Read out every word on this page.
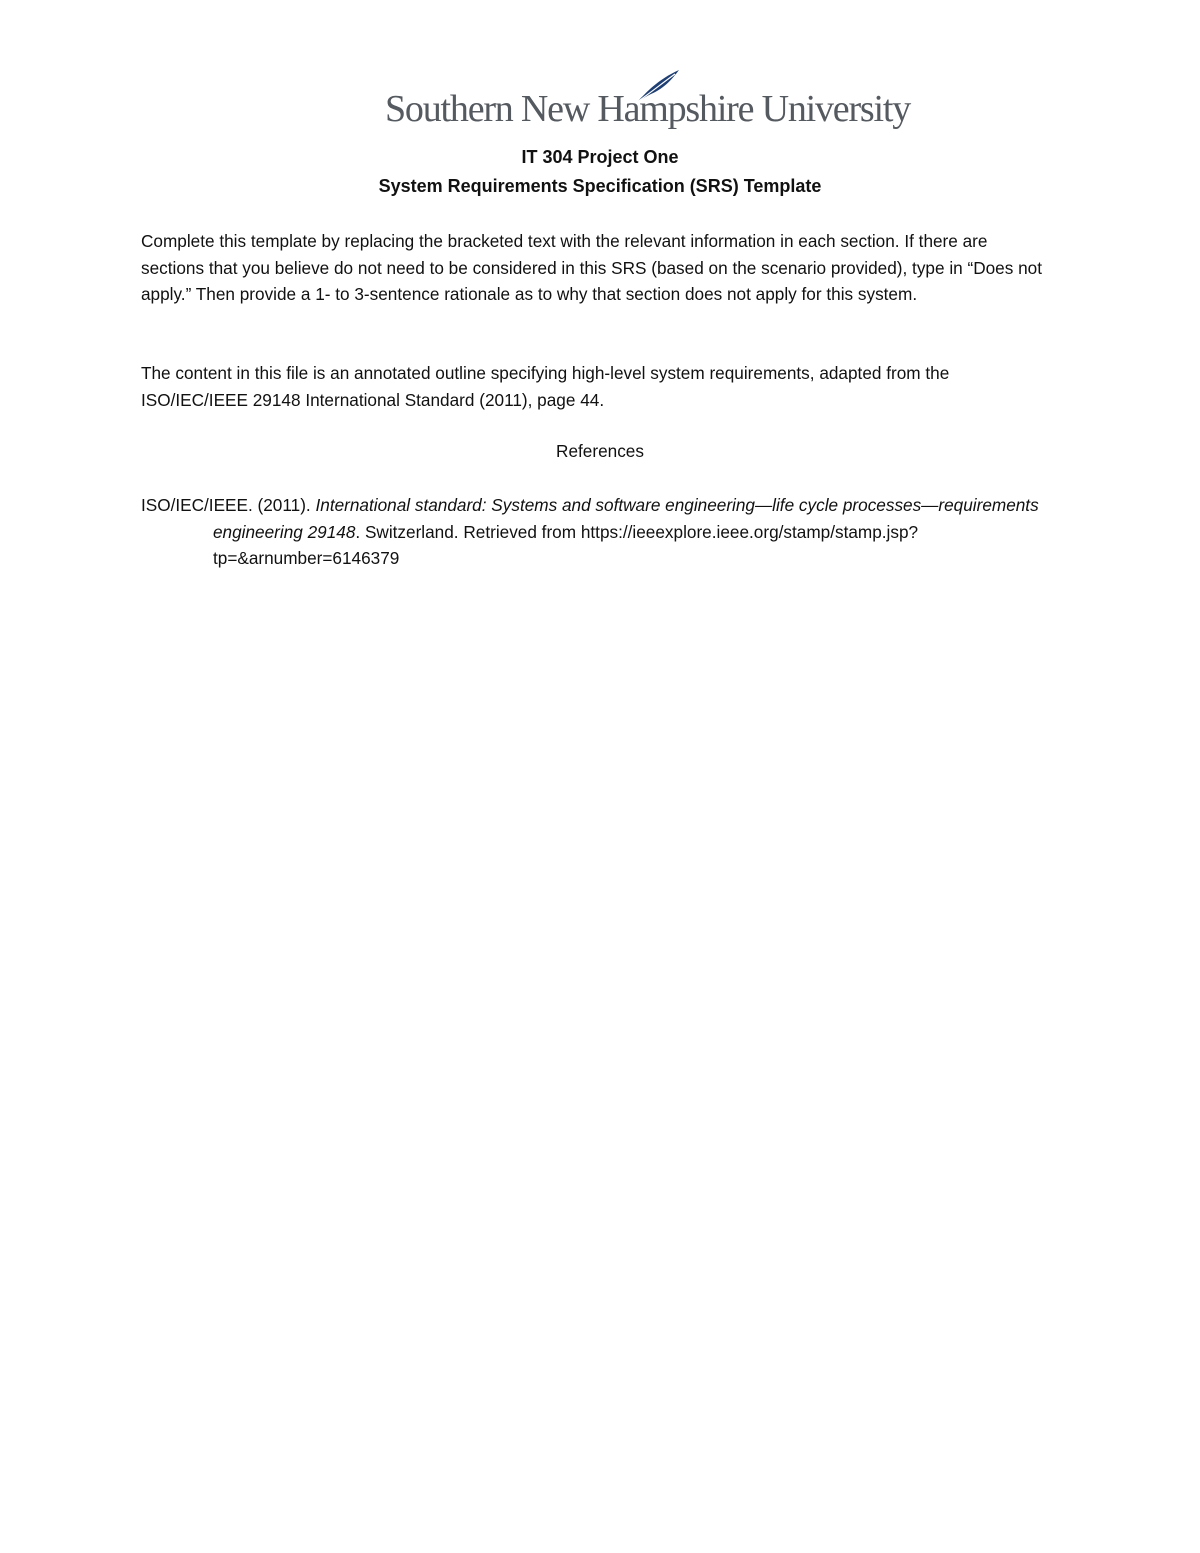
Southern New Hampshire University
IT 304 Project One
System Requirements Specification (SRS) Template

Complete this template by replacing the bracketed text with the relevant information in each section. If there are sections that you believe do not need to be considered in this SRS (based on the scenario provided), type in “Does not apply.” Then provide a 1- to 3-sentence rationale as to why that section does not apply for this system.

The content in this file is an annotated outline specifying high-level system requirements, adapted from the ISO/IEC/IEEE 29148 International Standard (2011), page 44.

References

ISO/IEC/IEEE. (2011). International standard: Systems and software engineering—life cycle processes—requirements engineering 29148. Switzerland. Retrieved from https://ieeexplore.ieee.org/stamp/stamp.jsp?tp=&arnumber=6146379
